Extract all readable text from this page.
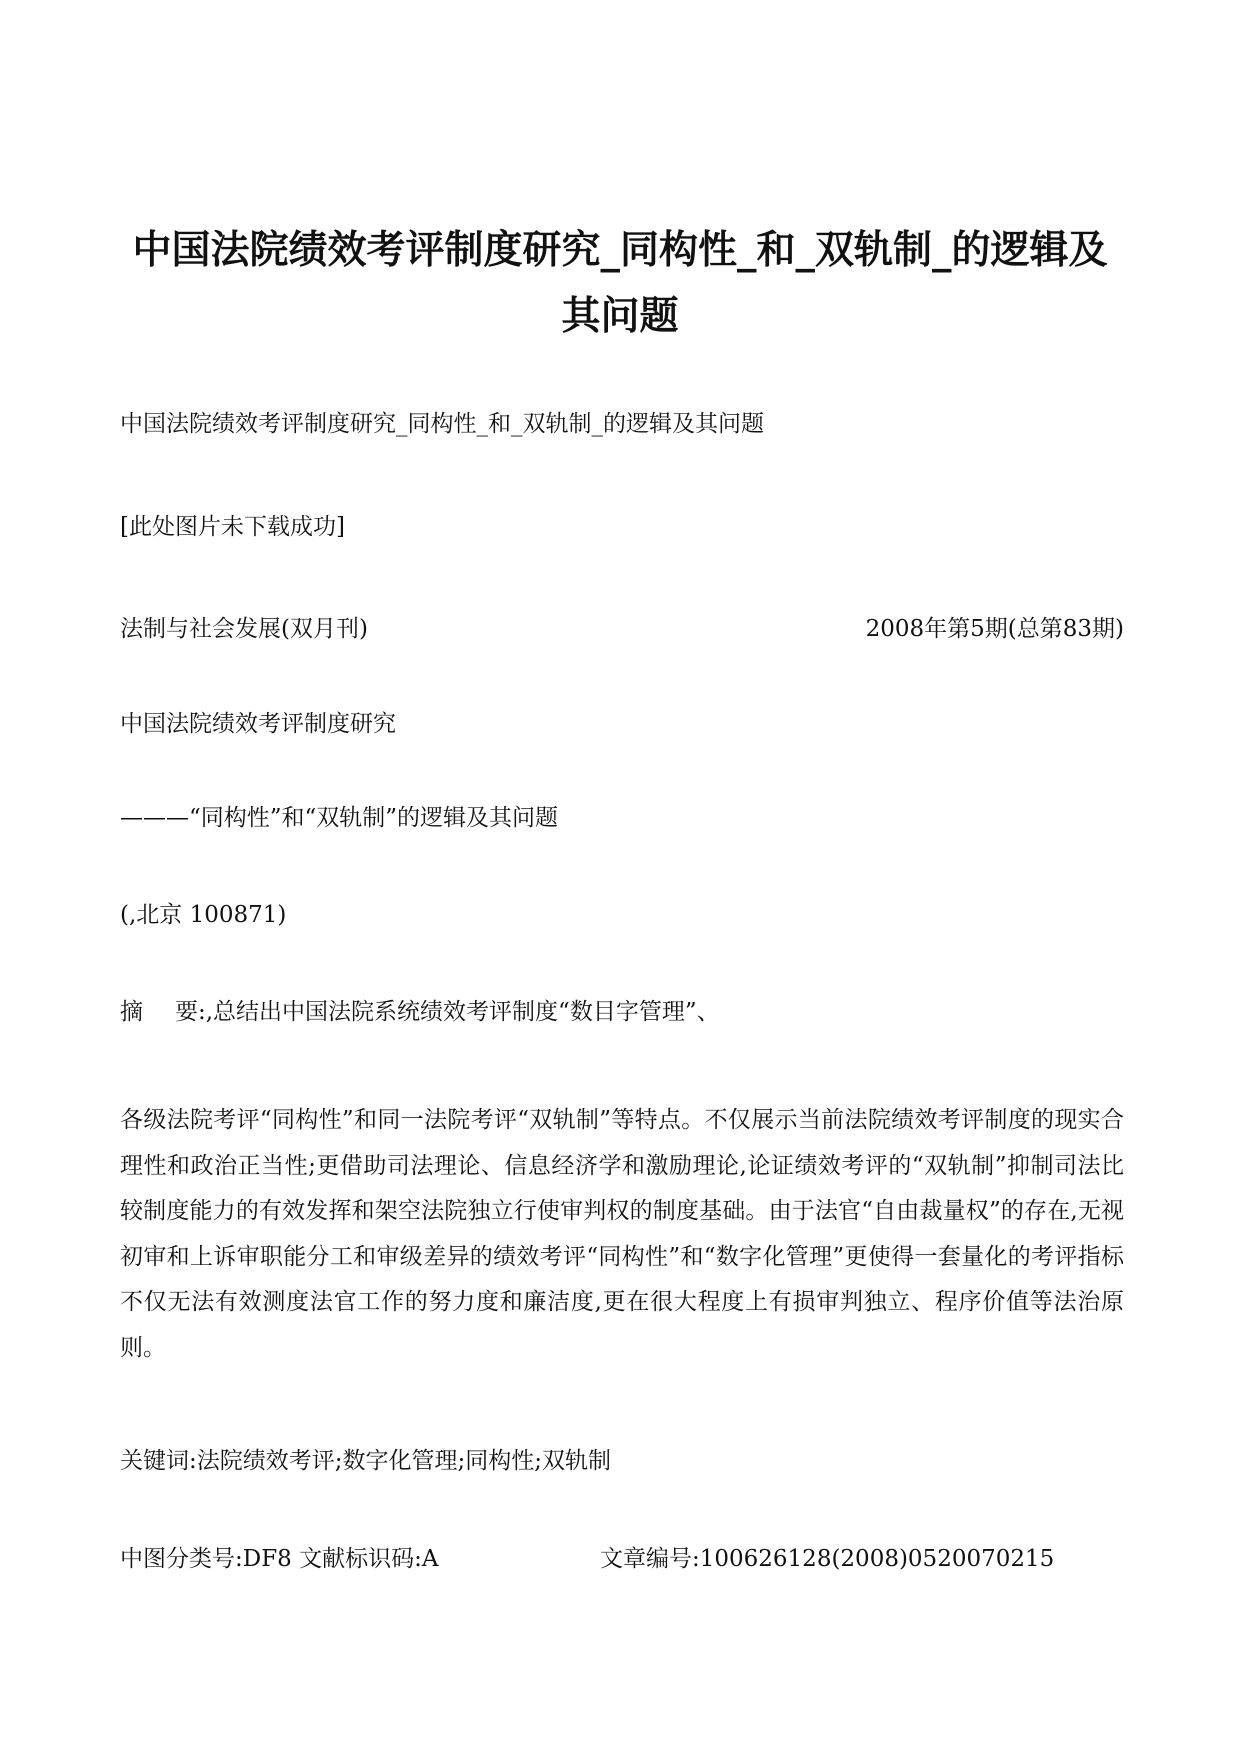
中国法院绩效考评制度研究_同构性_和_双轨制_的逻辑及其问题

中国法院绩效考评制度研究_同构性_和_双轨制_的逻辑及其问题

[此处图片未下载成功]

法制与社会发展(双月刊)	2008年第5期(总第83期)

中国法院绩效考评制度研究

———“同构性”和“双轨制”的逻辑及其问题

(,北京 100871)

摘 要:,总结出中国法院系统绩效考评制度“数目字管理”、

各级法院考评“同构性”和同一法院考评“双轨制”等特点。不仅展示当前法院绩效考评制度的现实合理性和政治正当性;更借助司法理论、信息经济学和激励理论,论证绩效考评的“双轨制”抑制司法比较制度能力的有效发挥和架空法院独立行使审判权的制度基础。由于法官“自由裁量权”的存在,无视初审和上诉审职能分工和审级差异的绩效考评“同构性”和“数字化管理”更使得一套量化的考评指标不仅无法有效测度法官工作的努力度和廉洁度,更在很大程度上有损审判独立、程序价值等法治原则。

关键词:法院绩效考评;数字化管理;同构性;双轨制

中图分类号:DF8 文献标识码:A	文章编号:100626128(2008)0520070215
